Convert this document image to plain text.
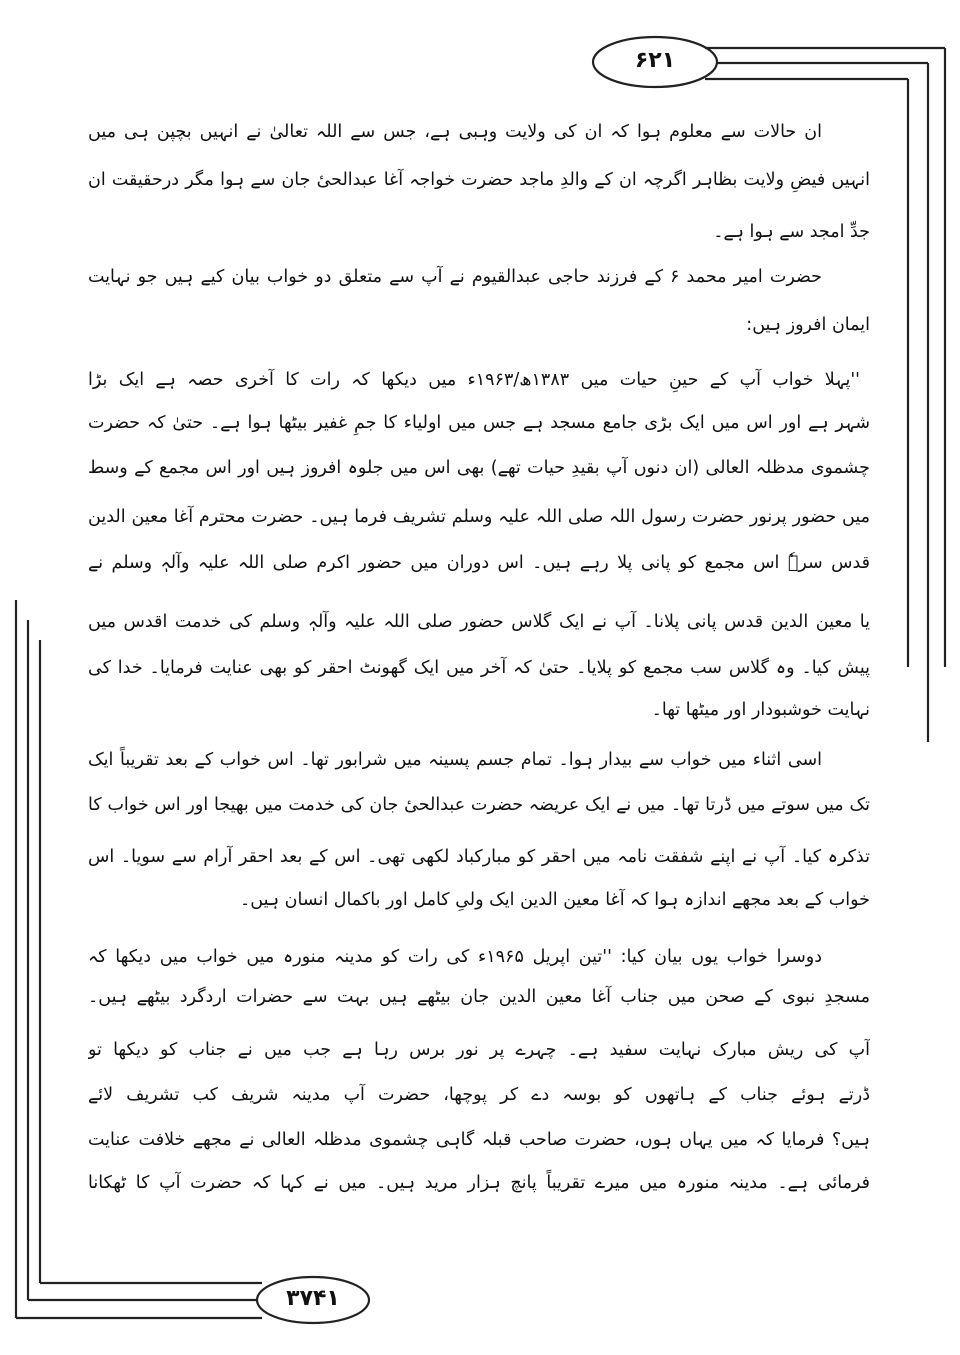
۶۲۱
۳۷۴۱
ان حالات سے معلوم ہوا کہ ان کی ولایت وہبی ہے، جس سے اللہ تعالیٰ نے انہیں بچپن ہی میں
انہیں فیضِ ولایت بظاہر اگرچہ ان کے والدِ ماجد حضرت خواجہ آغا عبدالحیٔ جان سے ہوا مگر درحقیقت ان
جدِّ امجد سے ہوا ہے۔
حضرت امیر محمد ۶ کے فرزند حاجی عبدالقیوم نے آپ سے متعلق دو خواب بیان کیے ہیں جو نہایت
ایمان افروز ہیں:
''پہلا خواب آپ کے حینِ حیات میں ۱۳۸۳ھ/۱۹۶۳ء میں دیکھا کہ رات کا آخری حصہ ہے ایک بڑا
شہر ہے اور اس میں ایک بڑی جامع مسجد ہے جس میں اولیاء کا جمِ غفیر بیٹھا ہوا ہے۔ حتیٰ کہ حضرت
چشموی مدظلہ العالی (ان دنوں آپ بقیدِ حیات تھے) بھی اس میں جلوہ افروز ہیں اور اس مجمع کے وسط
میں حضور پرنور حضرت رسول اللہ صلی اللہ علیہ وسلم تشریف فرما ہیں۔ حضرت محترم آغا معین الدین
قدس سرہٗ اس مجمع کو پانی پلا رہے ہیں۔ اس دوران میں حضور اکرم صلی اللہ علیہ وآلہٖ وسلم نے
یا معین الدین قدس پانی پلانا۔ آپ نے ایک گلاس حضور صلی اللہ علیہ وآلہٖ وسلم کی خدمت اقدس میں
پیش کیا۔ وہ گلاس سب مجمع کو پلایا۔ حتیٰ کہ آخر میں ایک گھونٹ احقر کو بھی عنایت فرمایا۔ خدا کی
نہایت خوشبودار اور میٹھا تھا۔
اسی اثناء میں خواب سے بیدار ہوا۔ تمام جسم پسینہ میں شرابور تھا۔ اس خواب کے بعد تقریباً ایک
تک میں سوتے میں ڈرتا تھا۔ میں نے ایک عریضہ حضرت عبدالحیٔ جان کی خدمت میں بھیجا اور اس خواب کا
تذکرہ کیا۔ آپ نے اپنے شفقت نامہ میں احقر کو مبارکباد لکھی تھی۔ اس کے بعد احقر آرام سے سویا۔ اس
خواب کے بعد مجھے اندازہ ہوا کہ آغا معین الدین ایک ولیِ کامل اور باکمال انسان ہیں۔
دوسرا خواب یوں بیان کیا: ''تین اپریل ۱۹۶۵ء کی رات کو مدینہ منورہ میں خواب میں دیکھا کہ
مسجدِ نبوی کے صحن میں جناب آغا معین الدین جان بیٹھے ہیں بہت سے حضرات اردگرد بیٹھے ہیں۔
آپ کی ریش مبارک نہایت سفید ہے۔ چہرے پر نور برس رہا ہے جب میں نے جناب کو دیکھا تو
ڈرتے ہوئے جناب کے ہاتھوں کو بوسہ دے کر پوچھا، حضرت آپ مدینہ شریف کب تشریف لائے
ہیں؟ فرمایا کہ میں یہاں ہوں، حضرت صاحب قبلہ گاہی چشموی مدظلہ العالی نے مجھے خلافت عنایت
فرمائی ہے۔ مدینہ منورہ میں میرے تقریباً پانچ ہزار مرید ہیں۔ میں نے کہا کہ حضرت آپ کا ٹھکانا
